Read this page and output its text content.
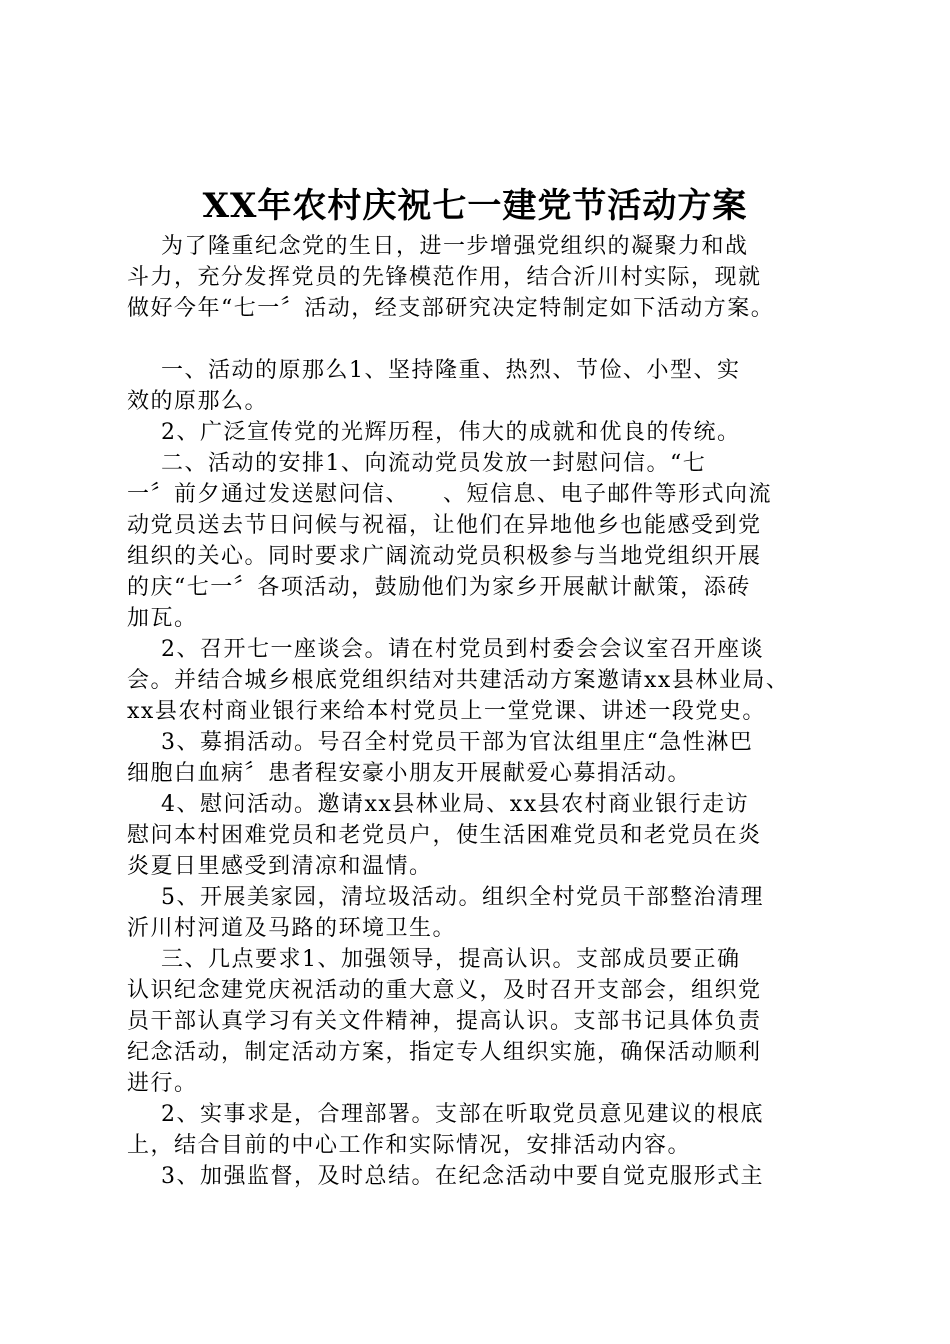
XX年农村庆祝七一建党节活动方案
为了隆重纪念党的生日，进一步增强党组织的凝聚力和战
斗力，充分发挥党员的先锋模范作用，结合沂川村实际，现就
做好今年“七一〞活动，经支部研究决定特制定如下活动方案。
一、活动的原那么1、坚持隆重、热烈、节俭、小型、实
效的原那么。
2、广泛宣传党的光辉历程，伟大的成就和优良的传统。
二、活动的安排1、向流动党员发放一封慰问信。“七
一〞前夕通过发送慰问信、    、短信息、电子邮件等形式向流
动党员送去节日问候与祝福，让他们在异地他乡也能感受到党
组织的关心。同时要求广阔流动党员积极参与当地党组织开展
的庆“七一〞各项活动，鼓励他们为家乡开展献计献策，添砖
加瓦。
2、召开七一座谈会。请在村党员到村委会会议室召开座谈
会。并结合城乡根底党组织结对共建活动方案邀请xx县林业局、
xx县农村商业银行来给本村党员上一堂党课、讲述一段党史。
3、募捐活动。号召全村党员干部为官汰组里庄“急性淋巴
细胞白血病〞患者程安豪小朋友开展献爱心募捐活动。
4、慰问活动。邀请xx县林业局、xx县农村商业银行走访
慰问本村困难党员和老党员户，使生活困难党员和老党员在炎
炎夏日里感受到清凉和温情。
5、开展美家园，清垃圾活动。组织全村党员干部整治清理
沂川村河道及马路的环境卫生。
三、几点要求1、加强领导，提高认识。支部成员要正确
认识纪念建党庆祝活动的重大意义，及时召开支部会，组织党
员干部认真学习有关文件精神，提高认识。支部书记具体负责
纪念活动，制定活动方案，指定专人组织实施，确保活动顺利
进行。
2、实事求是，合理部署。支部在听取党员意见建议的根底
上，结合目前的中心工作和实际情况，安排活动内容。
3、加强监督，及时总结。在纪念活动中要自觉克服形式主
